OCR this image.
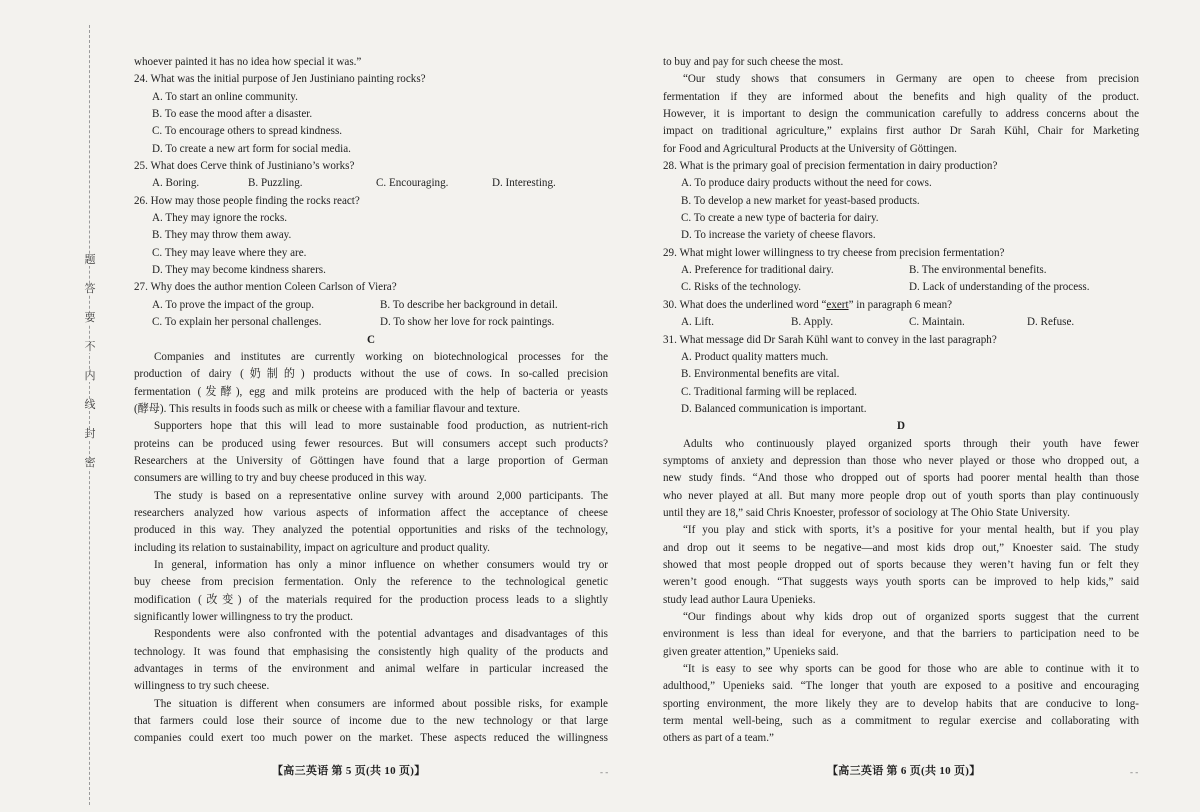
题
答
要
不
内
线
封
密
whoever painted it has no idea how special it was.”
24. What was the initial purpose of Jen Justiniano painting rocks?
A. To start an online community.
B. To ease the mood after a disaster.
C. To encourage others to spread kindness.
D. To create a new art form for social media.
25. What does Cerve think of Justiniano’s works?
A. Boring.	B. Puzzling.	C. Encouraging.	D. Interesting.
26. How may those people finding the rocks react?
A. They may ignore the rocks.
B. They may throw them away.
C. They may leave where they are.
D. They may become kindness sharers.
27. Why does the author mention Coleen Carlson of Viera?
A. To prove the impact of the group.	B. To describe her background in detail.
C. To explain her personal challenges.	D. To show her love for rock paintings.
C
Companies and institutes are currently working on biotechnological processes for the
production of dairy (奶制的) products without the use of cows. In so-called precision
fermentation (发酵), egg and milk proteins are produced with the help of bacteria or yeasts
(酵母). This results in foods such as milk or cheese with a familiar flavour and texture.
Supporters hope that this will lead to more sustainable food production, as nutrient-rich
proteins can be produced using fewer resources. But will consumers accept such products?
Researchers at the University of Göttingen have found that a large proportion of German
consumers are willing to try and buy cheese produced in this way.
The study is based on a representative online survey with around 2,000 participants. The
researchers analyzed how various aspects of information affect the acceptance of cheese
produced in this way. They analyzed the potential opportunities and risks of the technology,
including its relation to sustainability, impact on agriculture and product quality.
In general, information has only a minor influence on whether consumers would try or
buy cheese from precision fermentation. Only the reference to the technological genetic
modification (改变) of the materials required for the production process leads to a slightly
significantly lower willingness to try the product.
Respondents were also confronted with the potential advantages and disadvantages of this
technology. It was found that emphasising the consistently high quality of the products and
advantages in terms of the environment and animal welfare in particular increased the
willingness to try such cheese.
The situation is different when consumers are informed about possible risks, for example
that farmers could lose their source of income due to the new technology or that large
companies could exert too much power on the market. These aspects reduced the willingness
to buy and pay for such cheese the most.
“Our study shows that consumers in Germany are open to cheese from precision
fermentation if they are informed about the benefits and high quality of the product.
However, it is important to design the communication carefully to address concerns about the
impact on traditional agriculture,” explains first author Dr Sarah Kühl, Chair for Marketing
for Food and Agricultural Products at the University of Göttingen.
28. What is the primary goal of precision fermentation in dairy production?
A. To produce dairy products without the need for cows.
B. To develop a new market for yeast-based products.
C. To create a new type of bacteria for dairy.
D. To increase the variety of cheese flavors.
29. What might lower willingness to try cheese from precision fermentation?
A. Preference for traditional dairy.	B. The environmental benefits.
C. Risks of the technology.	D. Lack of understanding of the process.
30. What does the underlined word “exert” in paragraph 6 mean?
A. Lift.	B. Apply.	C. Maintain.	D. Refuse.
31. What message did Dr Sarah Kühl want to convey in the last paragraph?
A. Product quality matters much.
B. Environmental benefits are vital.
C. Traditional farming will be replaced.
D. Balanced communication is important.
D
Adults who continuously played organized sports through their youth have fewer
symptoms of anxiety and depression than those who never played or those who dropped out, a
new study finds. “And those who dropped out of sports had poorer mental health than those
who never played at all. But many more people drop out of youth sports than play continuously
until they are 18,” said Chris Knoester, professor of sociology at The Ohio State University.
“If you play and stick with sports, it’s a positive for your mental health, but if you play
and drop out it seems to be negative—and most kids drop out,” Knoester said. The study
showed that most people dropped out of sports because they weren’t having fun or felt they
weren’t good enough. “That suggests ways youth sports can be improved to help kids,” said
study lead author Laura Upenieks.
“Our findings about why kids drop out of organized sports suggest that the current
environment is less than ideal for everyone, and that the barriers to participation need to be
given greater attention,” Upenieks said.
“It is easy to see why sports can be good for those who are able to continue with it to
adulthood,” Upenieks said. “The longer that youth are exposed to a positive and encouraging
sporting environment, the more likely they are to develop habits that are conducive to long-
term mental well-being, such as a commitment to regular exercise and collaborating with
others as part of a team.”
【高三英语 第 5 页(共 10 页)】	【高三英语 第 6 页(共 10 页)】
- -	- -
